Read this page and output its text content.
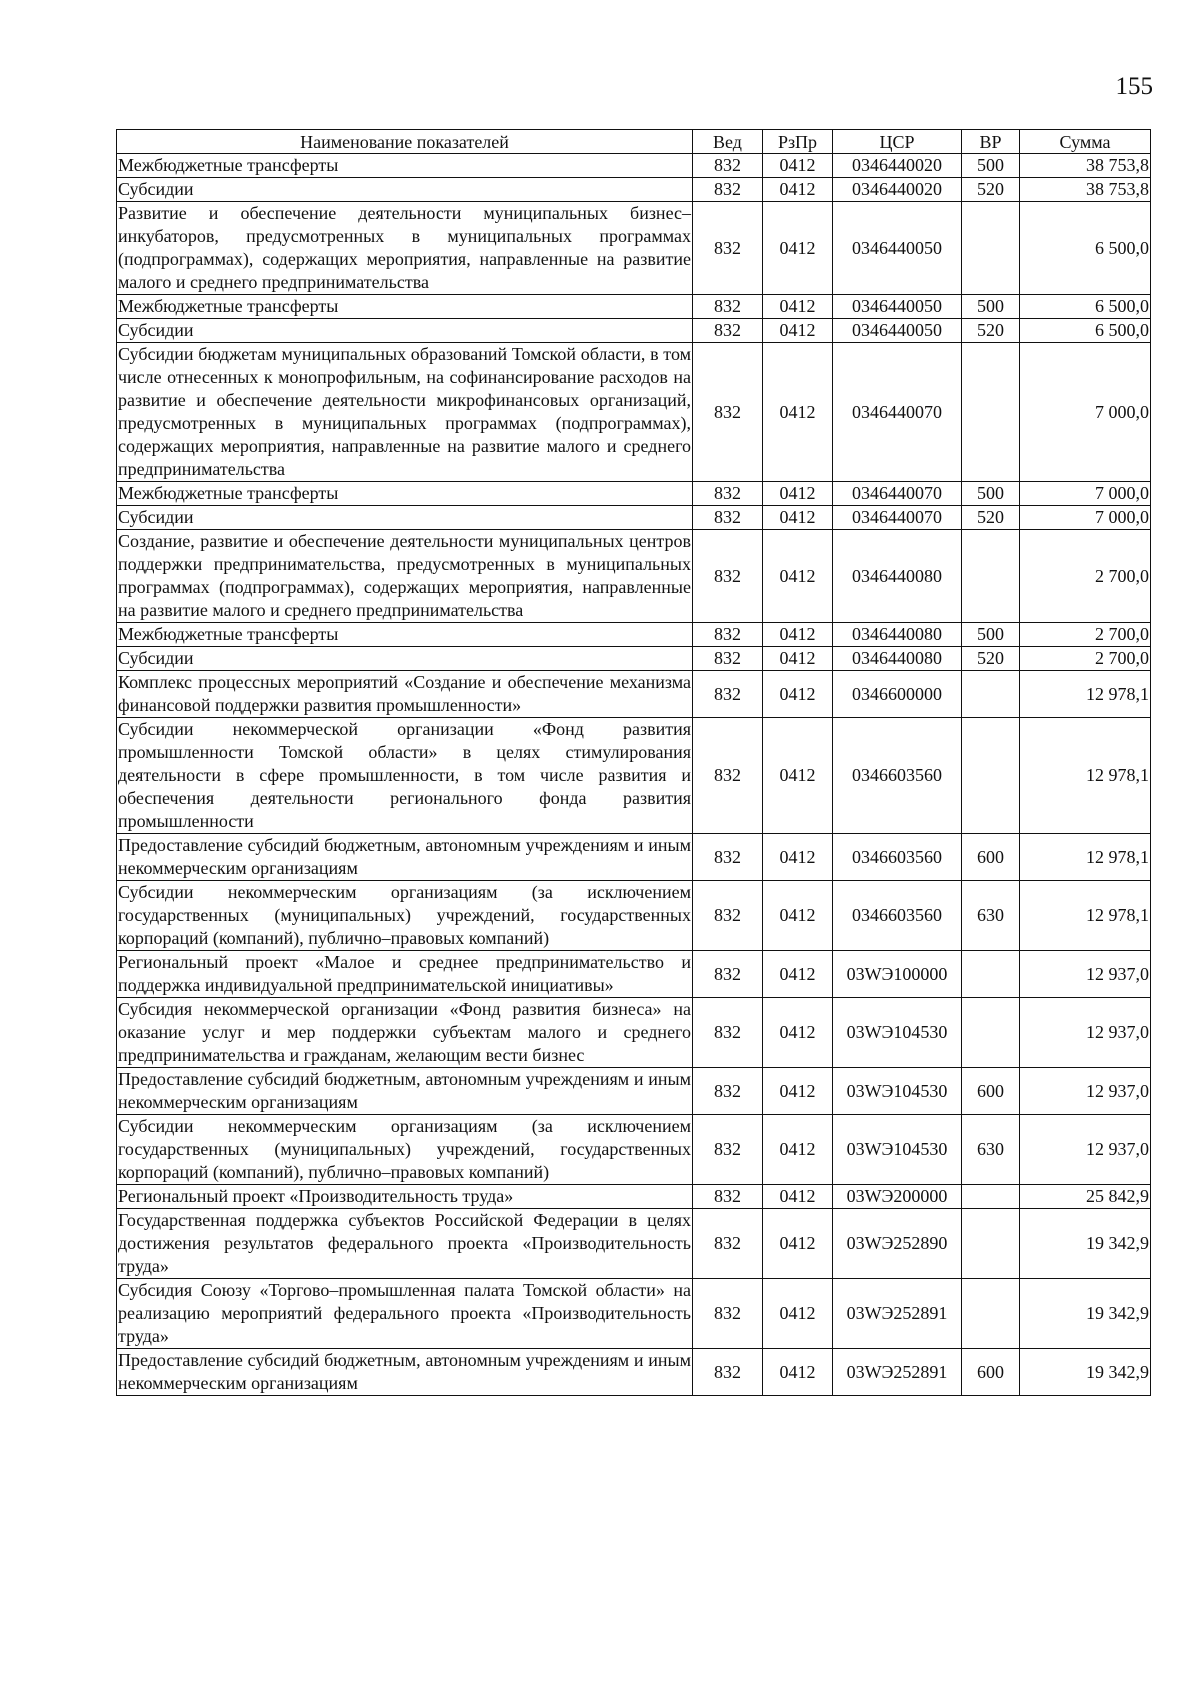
155
Наименование показателей	Вед	РзПр	ЦСР	ВР	Сумма
Межбюджетные трансферты	832	0412	0346440020	500	38 753,8
Субсидии	832	0412	0346440020	520	38 753,8
Развитие и обеспечение деятельности муниципальных бизнес–инкубаторов, предусмотренных в муниципальных программах (подпрограммах), содержащих мероприятия, направленные на развитие малого и среднего предпринимательства	832	0412	0346440050		6 500,0
Межбюджетные трансферты	832	0412	0346440050	500	6 500,0
Субсидии	832	0412	0346440050	520	6 500,0
Субсидии бюджетам муниципальных образований Томской области, в том числе отнесенных к монопрофильным, на софинансирование расходов на развитие и обеспечение деятельности микрофинансовых организаций, предусмотренных в муниципальных программах (подпрограммах), содержащих мероприятия, направленные на развитие малого и среднего предпринимательства	832	0412	0346440070		7 000,0
Межбюджетные трансферты	832	0412	0346440070	500	7 000,0
Субсидии	832	0412	0346440070	520	7 000,0
Создание, развитие и обеспечение деятельности муниципальных центров поддержки предпринимательства, предусмотренных в муниципальных программах (подпрограммах), содержащих мероприятия, направленные на развитие малого и среднего предпринимательства	832	0412	0346440080		2 700,0
Межбюджетные трансферты	832	0412	0346440080	500	2 700,0
Субсидии	832	0412	0346440080	520	2 700,0
Комплекс процессных мероприятий «Создание и обеспечение механизма финансовой поддержки развития промышленности»	832	0412	0346600000		12 978,1
Субсидии некоммерческой организации «Фонд развития промышленности Томской области» в целях стимулирования деятельности в сфере промышленности, в том числе развития и обеспечения деятельности регионального фонда развития промышленности	832	0412	0346603560		12 978,1
Предоставление субсидий бюджетным, автономным учреждениям и иным некоммерческим организациям	832	0412	0346603560	600	12 978,1
Субсидии некоммерческим организациям (за исключением государственных (муниципальных) учреждений, государственных корпораций (компаний), публично–правовых компаний)	832	0412	0346603560	630	12 978,1
Региональный проект «Малое и среднее предпринимательство и поддержка индивидуальной предпринимательской инициативы»	832	0412	03WЭ100000		12 937,0
Субсидия некоммерческой организации «Фонд развития бизнеса» на оказание услуг и мер поддержки субъектам малого и среднего предпринимательства и гражданам, желающим вести бизнес	832	0412	03WЭ104530		12 937,0
Предоставление субсидий бюджетным, автономным учреждениям и иным некоммерческим организациям	832	0412	03WЭ104530	600	12 937,0
Субсидии некоммерческим организациям (за исключением государственных (муниципальных) учреждений, государственных корпораций (компаний), публично–правовых компаний)	832	0412	03WЭ104530	630	12 937,0
Региональный проект «Производительность труда»	832	0412	03WЭ200000		25 842,9
Государственная поддержка субъектов Российской Федерации в целях достижения результатов федерального проекта «Производительность труда»	832	0412	03WЭ252890		19 342,9
Субсидия Союзу «Торгово–промышленная палата Томской области» на реализацию мероприятий федерального проекта «Производительность труда»	832	0412	03WЭ252891		19 342,9
Предоставление субсидий бюджетным, автономным учреждениям и иным некоммерческим организациям	832	0412	03WЭ252891	600	19 342,9
